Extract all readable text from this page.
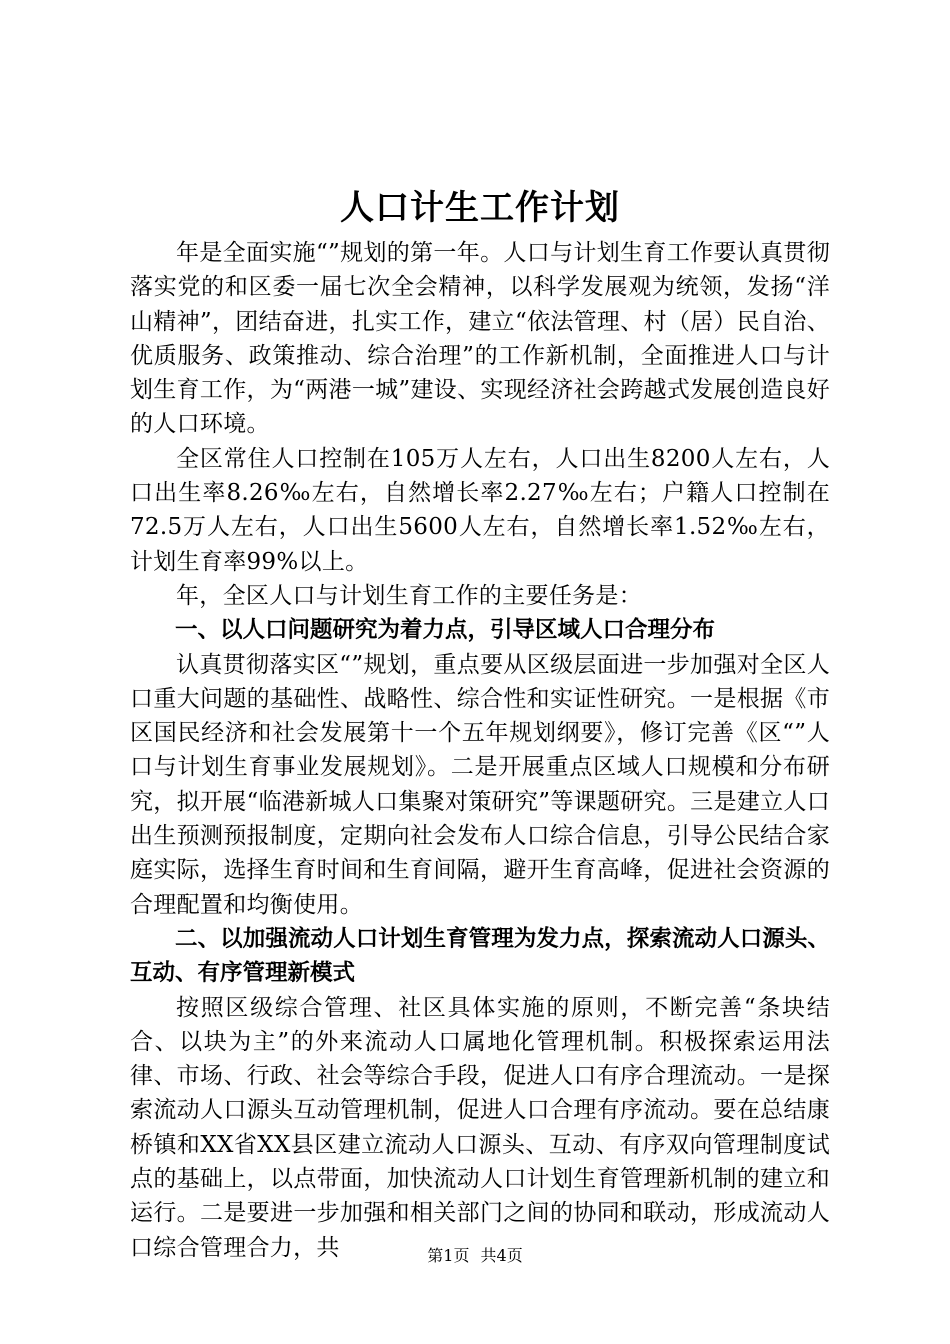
人口计生工作计划

年是全面实施“”规划的第一年。人口与计划生育工作要认真贯彻落实党的和区委一届七次全会精神，以科学发展观为统领，发扬“洋山精神”，团结奋进，扎实工作，建立“依法管理、村（居）民自治、优质服务、政策推动、综合治理”的工作新机制，全面推进人口与计划生育工作，为“两港一城”建设、实现经济社会跨越式发展创造良好的人口环境。

全区常住人口控制在105万人左右，人口出生8200人左右，人口出生率8.26‰左右，自然增长率2.27‰左右；户籍人口控制在72.5万人左右，人口出生5600人左右，自然增长率1.52‰左右，计划生育率99%以上。

年，全区人口与计划生育工作的主要任务是：

一、以人口问题研究为着力点，引导区域人口合理分布

认真贯彻落实区“”规划，重点要从区级层面进一步加强对全区人口重大问题的基础性、战略性、综合性和实证性研究。一是根据《市区国民经济和社会发展第十一个五年规划纲要》，修订完善《区“”人口与计划生育事业发展规划》。二是开展重点区域人口规模和分布研究，拟开展“临港新城人口集聚对策研究”等课题研究。三是建立人口出生预测预报制度，定期向社会发布人口综合信息，引导公民结合家庭实际，选择生育时间和生育间隔，避开生育高峰，促进社会资源的合理配置和均衡使用。

二、以加强流动人口计划生育管理为发力点，探索流动人口源头、互动、有序管理新模式

按照区级综合管理、社区具体实施的原则，不断完善“条块结合、以块为主”的外来流动人口属地化管理机制。积极探索运用法律、市场、行政、社会等综合手段，促进人口有序合理流动。一是探索流动人口源头互动管理机制，促进人口合理有序流动。要在总结康桥镇和XX省XX县区建立流动人口源头、互动、有序双向管理制度试点的基础上，以点带面，加快流动人口计划生育管理新机制的建立和运行。二是要进一步加强和相关部门之间的协同和联动，形成流动人口综合管理合力，共	第1页 共4页
